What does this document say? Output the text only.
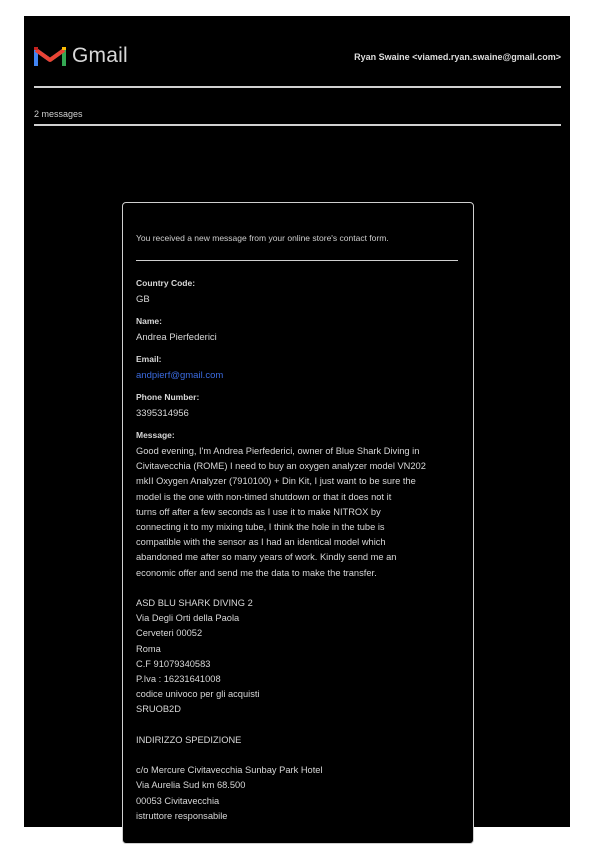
Gmail	Ryan Swaine <viamed.ryan.swaine@gmail.com>
2 messages
You received a new message from your online store's contact form.

Country Code:

GB

Name:

Andrea Pierfederici

Email:

andpierf@gmail.com

Phone Number:

3395314956

Message:

Good evening, I'm Andrea Pierfederici, owner of Blue Shark Diving in
Civitavecchia (ROME) I need to buy an oxygen analyzer model VN202
mkII Oxygen Analyzer (7910100) + Din Kit, I just want to be sure the
model is the one with non-timed shutdown or that it does not it
turns off after a few seconds as I use it to make NITROX by
connecting it to my mixing tube, I think the hole in the tube is
compatible with the sensor as I had an identical model which
abandoned me after so many years of work. Kindly send me an
economic offer and send me the data to make the transfer.
ASD BLU SHARK DIVING 2
Via Degli Orti della Paola
Cerveteri 00052
Roma
C.F 91079340583
P.Iva : 16231641008
codice univoco per gli acquisti
SRUOB2D
INDIRIZZO SPEDIZIONE
c/o Mercure Civitavecchia Sunbay Park Hotel
Via Aurelia Sud km 68.500
00053 Civitavecchia
istruttore responsabile
